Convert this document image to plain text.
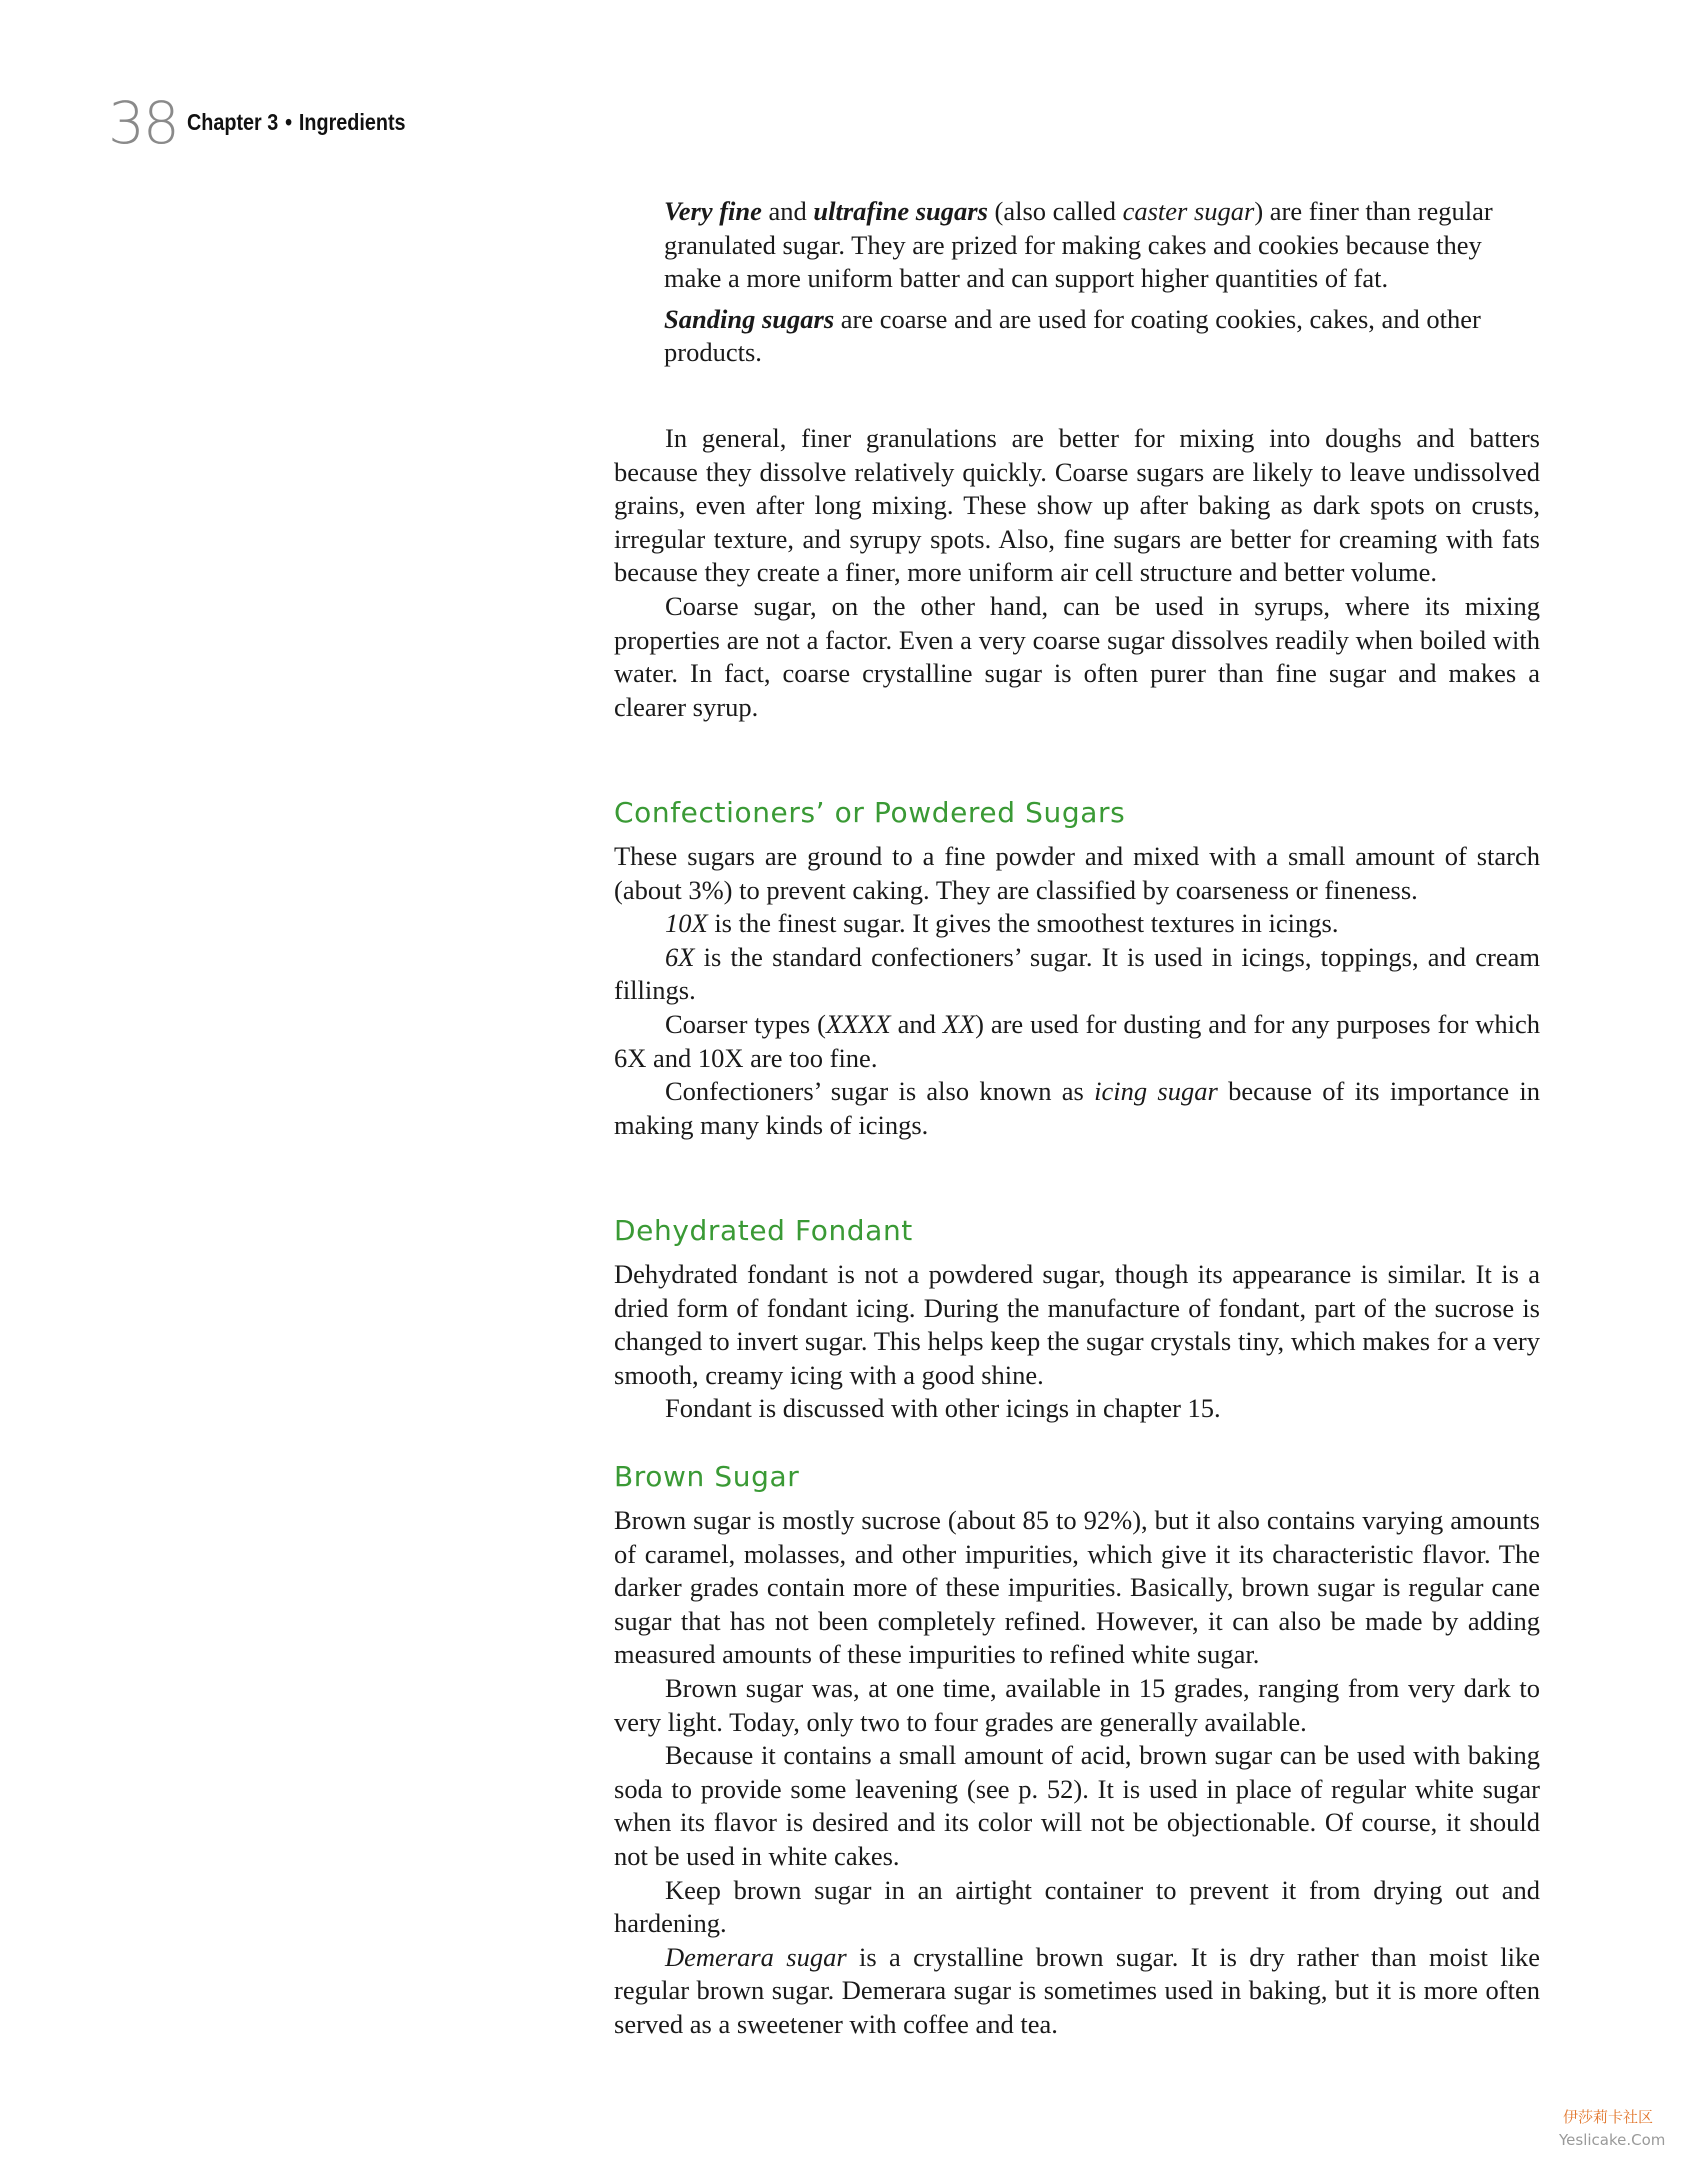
38 Chapter 3 • Ingredients

Very fine and ultrafine sugars (also called caster sugar) are finer than regular granulated sugar. They are prized for making cakes and cookies because they make a more uniform batter and can support higher quantities of fat.

Sanding sugars are coarse and are used for coating cookies, cakes, and other products.

In general, finer granulations are better for mixing into doughs and batters because they dissolve relatively quickly. Coarse sugars are likely to leave undissolved grains, even after long mixing. These show up after baking as dark spots on crusts, irregular texture, and syrupy spots. Also, fine sugars are better for creaming with fats because they create a finer, more uniform air cell structure and better volume.

Coarse sugar, on the other hand, can be used in syrups, where its mixing properties are not a factor. Even a very coarse sugar dissolves readily when boiled with water. In fact, coarse crystalline sugar is often purer than fine sugar and makes a clearer syrup.

Confectioners’ or Powdered Sugars

These sugars are ground to a fine powder and mixed with a small amount of starch (about 3%) to prevent caking. They are classified by coarseness or fineness.

10X is the finest sugar. It gives the smoothest textures in icings.

6X is the standard confectioners’ sugar. It is used in icings, toppings, and cream fillings.

Coarser types (XXXX and XX) are used for dusting and for any purposes for which 6X and 10X are too fine.

Confectioners’ sugar is also known as icing sugar because of its importance in making many kinds of icings.

Dehydrated Fondant

Dehydrated fondant is not a powdered sugar, though its appearance is similar. It is a dried form of fondant icing. During the manufacture of fondant, part of the sucrose is changed to invert sugar. This helps keep the sugar crystals tiny, which makes for a very smooth, creamy icing with a good shine.

Fondant is discussed with other icings in chapter 15.

Brown Sugar

Brown sugar is mostly sucrose (about 85 to 92%), but it also contains varying amounts of caramel, molasses, and other impurities, which give it its characteristic flavor. The darker grades contain more of these impurities. Basically, brown sugar is regular cane sugar that has not been completely refined. However, it can also be made by adding measured amounts of these impurities to refined white sugar.

Brown sugar was, at one time, available in 15 grades, ranging from very dark to very light. Today, only two to four grades are generally available.

Because it contains a small amount of acid, brown sugar can be used with baking soda to provide some leavening (see p. 52). It is used in place of regular white sugar when its flavor is desired and its color will not be objectionable. Of course, it should not be used in white cakes.

Keep brown sugar in an airtight container to prevent it from drying out and hardening.

Demerara sugar is a crystalline brown sugar. It is dry rather than moist like regular brown sugar. Demerara sugar is sometimes used in baking, but it is more often served as a sweetener with coffee and tea.

伊莎莉卡社区
Yeslicake.Com
